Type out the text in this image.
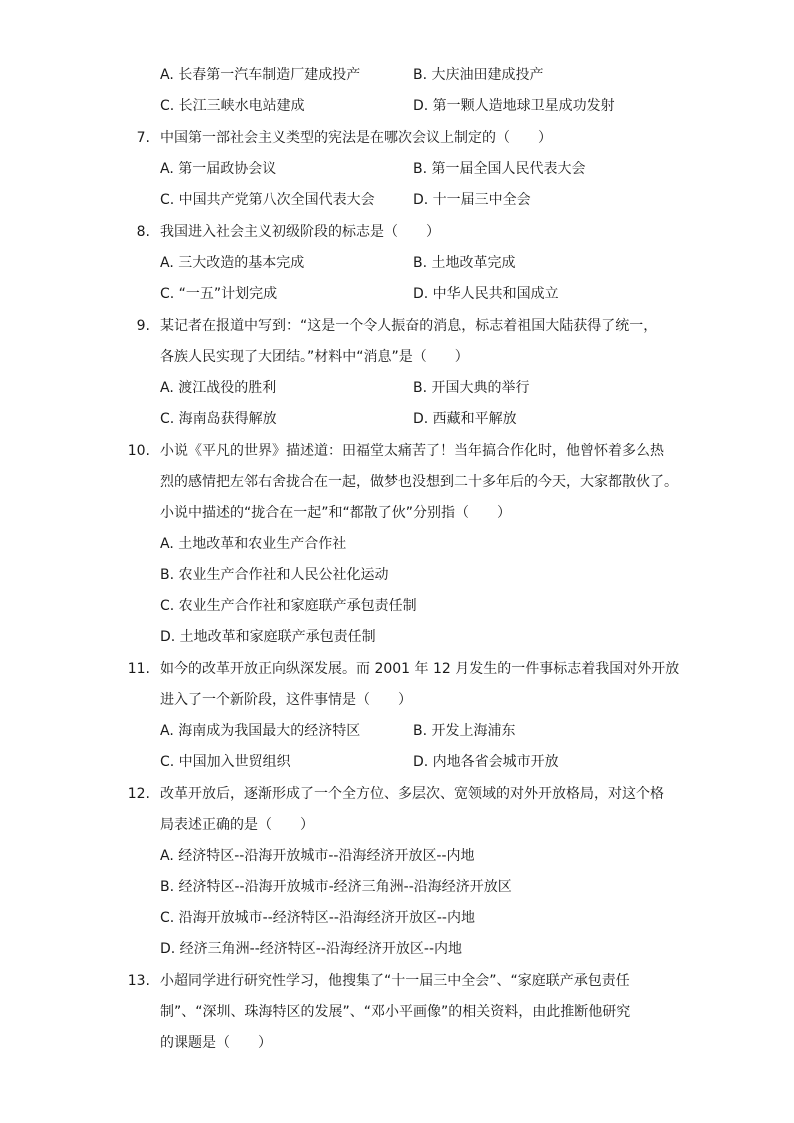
A. 长春第一汽车制造厂建成投产	B. 大庆油田建成投产
C. 长江三峡水电站建成	D. 第一颗人造地球卫星成功发射
7. 中国第一部社会主义类型的宪法是在哪次会议上制定的（　　）
A. 第一届政协会议	B. 第一届全国人民代表大会
C. 中国共产党第八次全国代表大会	D. 十一届三中全会
8. 我国进入社会主义初级阶段的标志是（　　）
A. 三大改造的基本完成	B. 土地改革完成
C. “一五”计划完成	D. 中华人民共和国成立
9. 某记者在报道中写到：“这是一个令人振奋的消息，标志着祖国大陆获得了统一，
各族人民实现了大团结。”材料中“消息”是（　　）
A. 渡江战役的胜利	B. 开国大典的举行
C. 海南岛获得解放	D. 西藏和平解放
10. 小说《平凡的世界》描述道：田福堂太痛苦了！当年搞合作化时，他曾怀着多么热
烈的感情把左邻右舍拢合在一起，做梦也没想到二十多年后的今天，大家都散伙了。
小说中描述的“拢合在一起”和“都散了伙”分别指（　　）
A. 土地改革和农业生产合作社
B. 农业生产合作社和人民公社化运动
C. 农业生产合作社和家庭联产承包责任制
D. 土地改革和家庭联产承包责任制
11. 如今的改革开放正向纵深发展。而 2001 年 12 月发生的一件事标志着我国对外开放
进入了一个新阶段，这件事情是（　　）
A. 海南成为我国最大的经济特区	B. 开发上海浦东
C. 中国加入世贸组织	D. 内地各省会城市开放
12. 改革开放后，逐渐形成了一个全方位、多层次、宽领域的对外开放格局，对这个格
局表述正确的是（　　）
A. 经济特区--沿海开放城市--沿海经济开放区--内地
B. 经济特区--沿海开放城市-经济三角洲--沿海经济开放区
C. 沿海开放城市--经济特区--沿海经济开放区--内地
D. 经济三角洲--经济特区--沿海经济开放区--内地
13. 小超同学进行研究性学习，他搜集了“十一届三中全会”、“家庭联产承包责任
制”、“深圳、珠海特区的发展”、“邓小平画像”的相关资料，由此推断他研究
的课题是（　　）
